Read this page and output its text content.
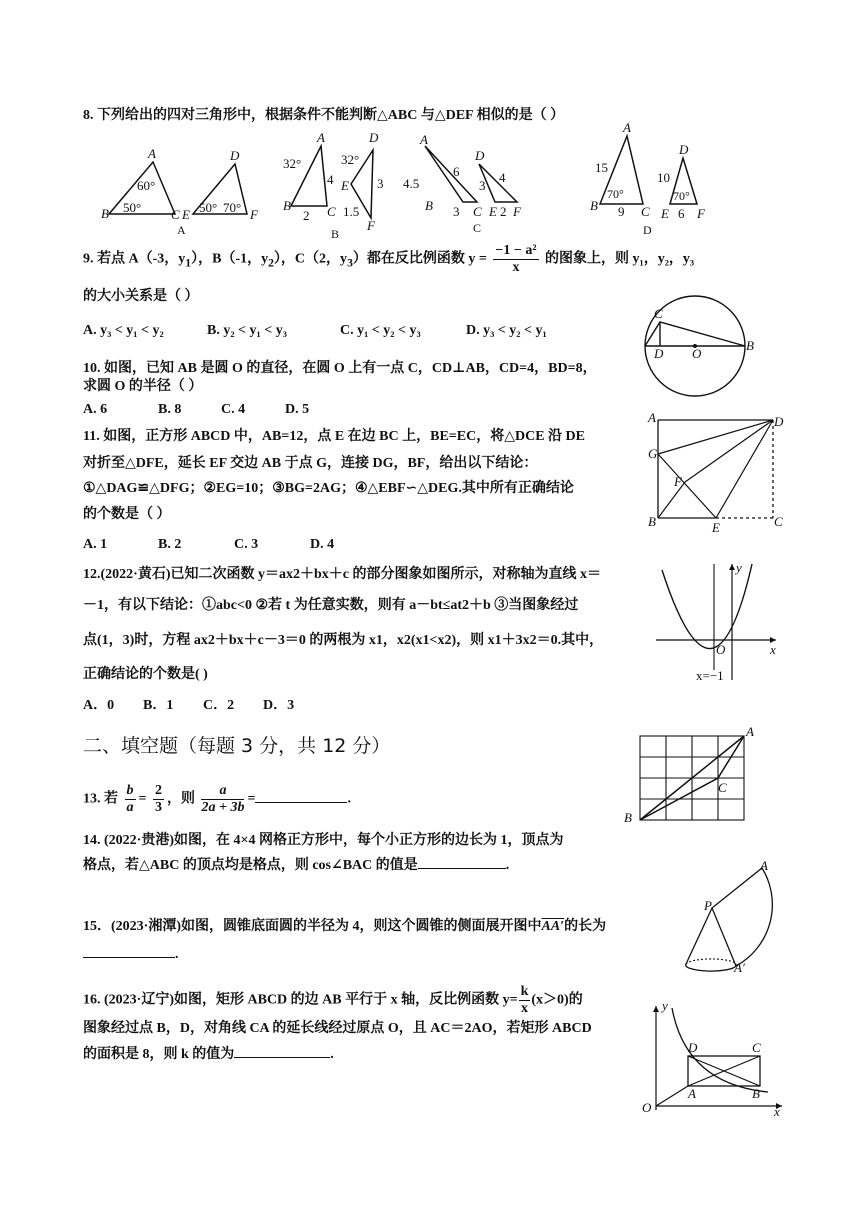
8. 下列给出的四对三角形中，根据条件不能判断△ABC 与△DEF 相似的是（ ）
B
A
C E
D
F
60°
50°	50° 70°
A
A
B	C
D
E
F
32°	32°
4
2
3
1.5
B
A
B	C
D
E F
4.5
6
3
3
4
2
C
A
B	C
D
E F
15
9
70°
10
6
70°
D
9. 若点 A（-3，$y_1$），B（-1，$y_2$），C（2，$y_3$）都在反比例函数 $y = \frac{\text{−1 − a²}}{x}$ 的图象上，则 y₁，y₂，y₃
的大小关系是（ ）
A. y₃ < y₁ < y₂	B. y₂ < y₁ < y₃	C. y₁ < y₂ < y₃	D. y₃ < y₂ < y₁
C
D O
B
10. 如图，已知 AB 是圆 O 的直径，在圆 O 上有一点 C，CD⊥AB，CD=4，BD=8，
求圆 O 的半径（ ）
A. 6	B. 8	C. 4	D. 5
A	D
G
F
B	E	C
11. 如图，正方形 ABCD 中，AB=12，点 E 在边 BC 上，BE=EC，将△DCE 沿 DE
对折至△DFE，延长 EF 交边 AB 于点 G，连接 DG，BF，给出以下结论：
①△DAG≌△DFG；②EG=10；③BG=2AG；④△EBF∽△DEG.其中所有正确结论
的个数是（ ）
A. 1	B. 2	C. 3	D. 4
y
x
O
x=−1
12.(2022·黄石)已知二次函数 y＝ax2＋bx＋c 的部分图象如图所示，对称轴为直线 x＝
－1，有以下结论：①abc<0 ②若 t 为任意实数，则有 a－bt≤at2＋b ③当图象经过
点(1，3)时，方程 ax2＋bx＋c－3＝0 的两根为 x1，x2(x1<x2)，则 x1＋3x2＝0.其中，
正确结论的个数是( )
A．0 B．1 C．2 D．3
二、填空题（每题 3 分，共 12 分）
A
B
C
13. 若 $\frac{b}{a} = \frac{2}{3}$ ，则 $\frac{a}{2a + 3b}$ =	.
14. (2022·贵港)如图，在 4×4 网格正方形中，每个小正方形的边长为 1，顶点为
格点，若△ABC 的顶点均是格点，则 cos∠BAC 的值是	.
P
A
A′
15．(2023·湘潭)如图，圆锥底面圆的半径为 4，则这个圆锥的侧面展开图中AA′的长为
.
16. (2023·辽宁)如图，矩形 ABCD 的边 AB 平行于 x 轴，反比例函数 $y= \frac{k}{x} (x>0)$的
图象经过点 B，D，对角线 CA 的延长线经过原点 O，且 AC＝2AO，若矩形 ABCD
的面积是 8，则 k 的值为	.
y
x
O
D	C
A	B
